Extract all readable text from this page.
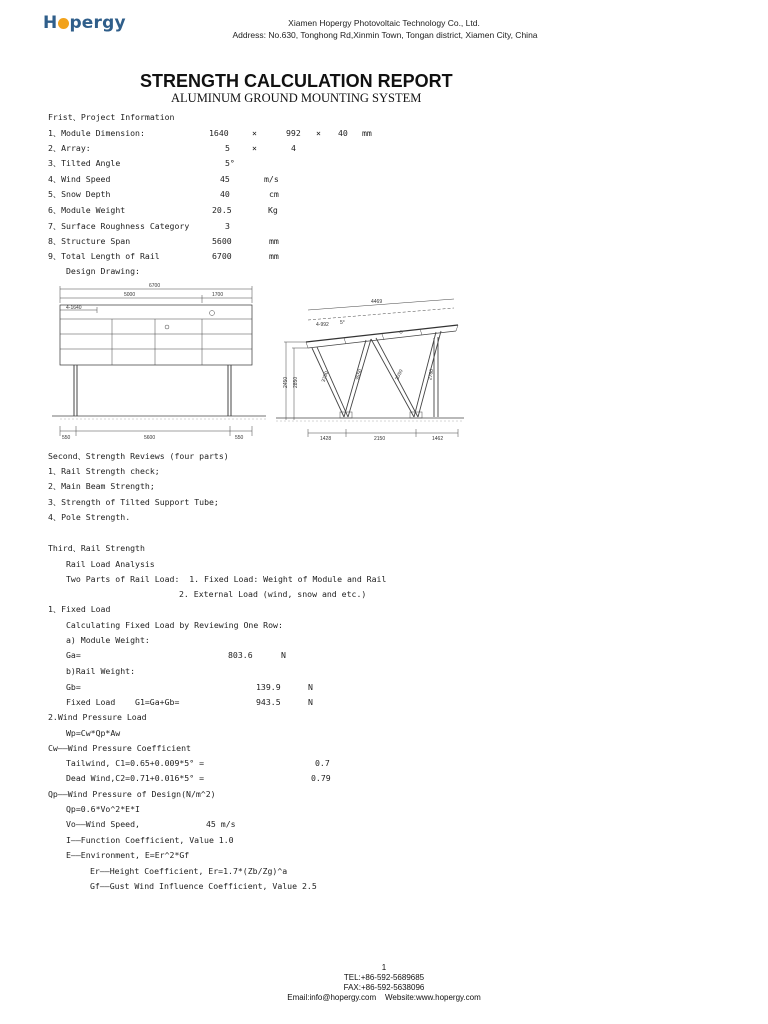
H pergy	Xiamen Hopergy Photovoltaic Technology Co., Ltd.
Address: No.630, Tonghong Rd,Xinmin Town, Tongan district, Xiamen City, China
STRENGTH CALCULATION REPORT
ALUMINUM GROUND MOUNTING SYSTEM
Frist、Project Information
1、Module Dimension:	1640	×	992 × 40 mm
2、Array:	5	×	4
3、Tilted Angle	5°
4、Wind Speed	45	m/s
5、Snow Depth	40	cm
6、Module Weight	20.5	Kg
7、Surface Roughness Category	3
8、Structure Span	5600	mm
9、Total Length of Rail	6700	mm
Design Drawing:
6700
5000	1700
4-1640
550	5600	550
4469
4-992 5°
2450 2850	3750	3550	3050	2760
1428	2150	1462
Second、Strength Reviews (four parts)
1、Rail Strength check;
2、Main Beam Strength;
3、Strength of Tilted Support Tube;
4、Pole Strength.
Third、Rail Strength
Rail Load Analysis
Two Parts of Rail Load:  1. Fixed Load: Weight of Module and Rail
2. External Load (wind, snow and etc.)
1、Fixed Load
Calculating Fixed Load by Reviewing One Row:
a) Module Weight:
Ga=	803.6	N
b)Rail Weight:
Gb=	139.9	N
Fixed Load    G1=Ga+Gb=	943.5	N
2.Wind Pressure Load
Wp=Cw*Qp*Aw
Cw——Wind Pressure Coefficient
Tailwind, C1=0.65+0.009*5° =	0.7
Dead Wind,C2=0.71+0.016*5° =	0.79
Qp——Wind Pressure of Design(N/m^2)
Qp=0.6*Vo^2*E*I
Vo——Wind Speed,	45 m/s
I——Function Coefficient, Value 1.0
E——Environment, E=Er^2*Gf
Er——Height Coefficient, Er=1.7*(Zb/Zg)^a
Gf——Gust Wind Influence Coefficient, Value 2.5
1
TEL:+86-592-5689685
FAX:+86-592-5638096
Email:info@hopergy.com    Website:www.hopergy.com
